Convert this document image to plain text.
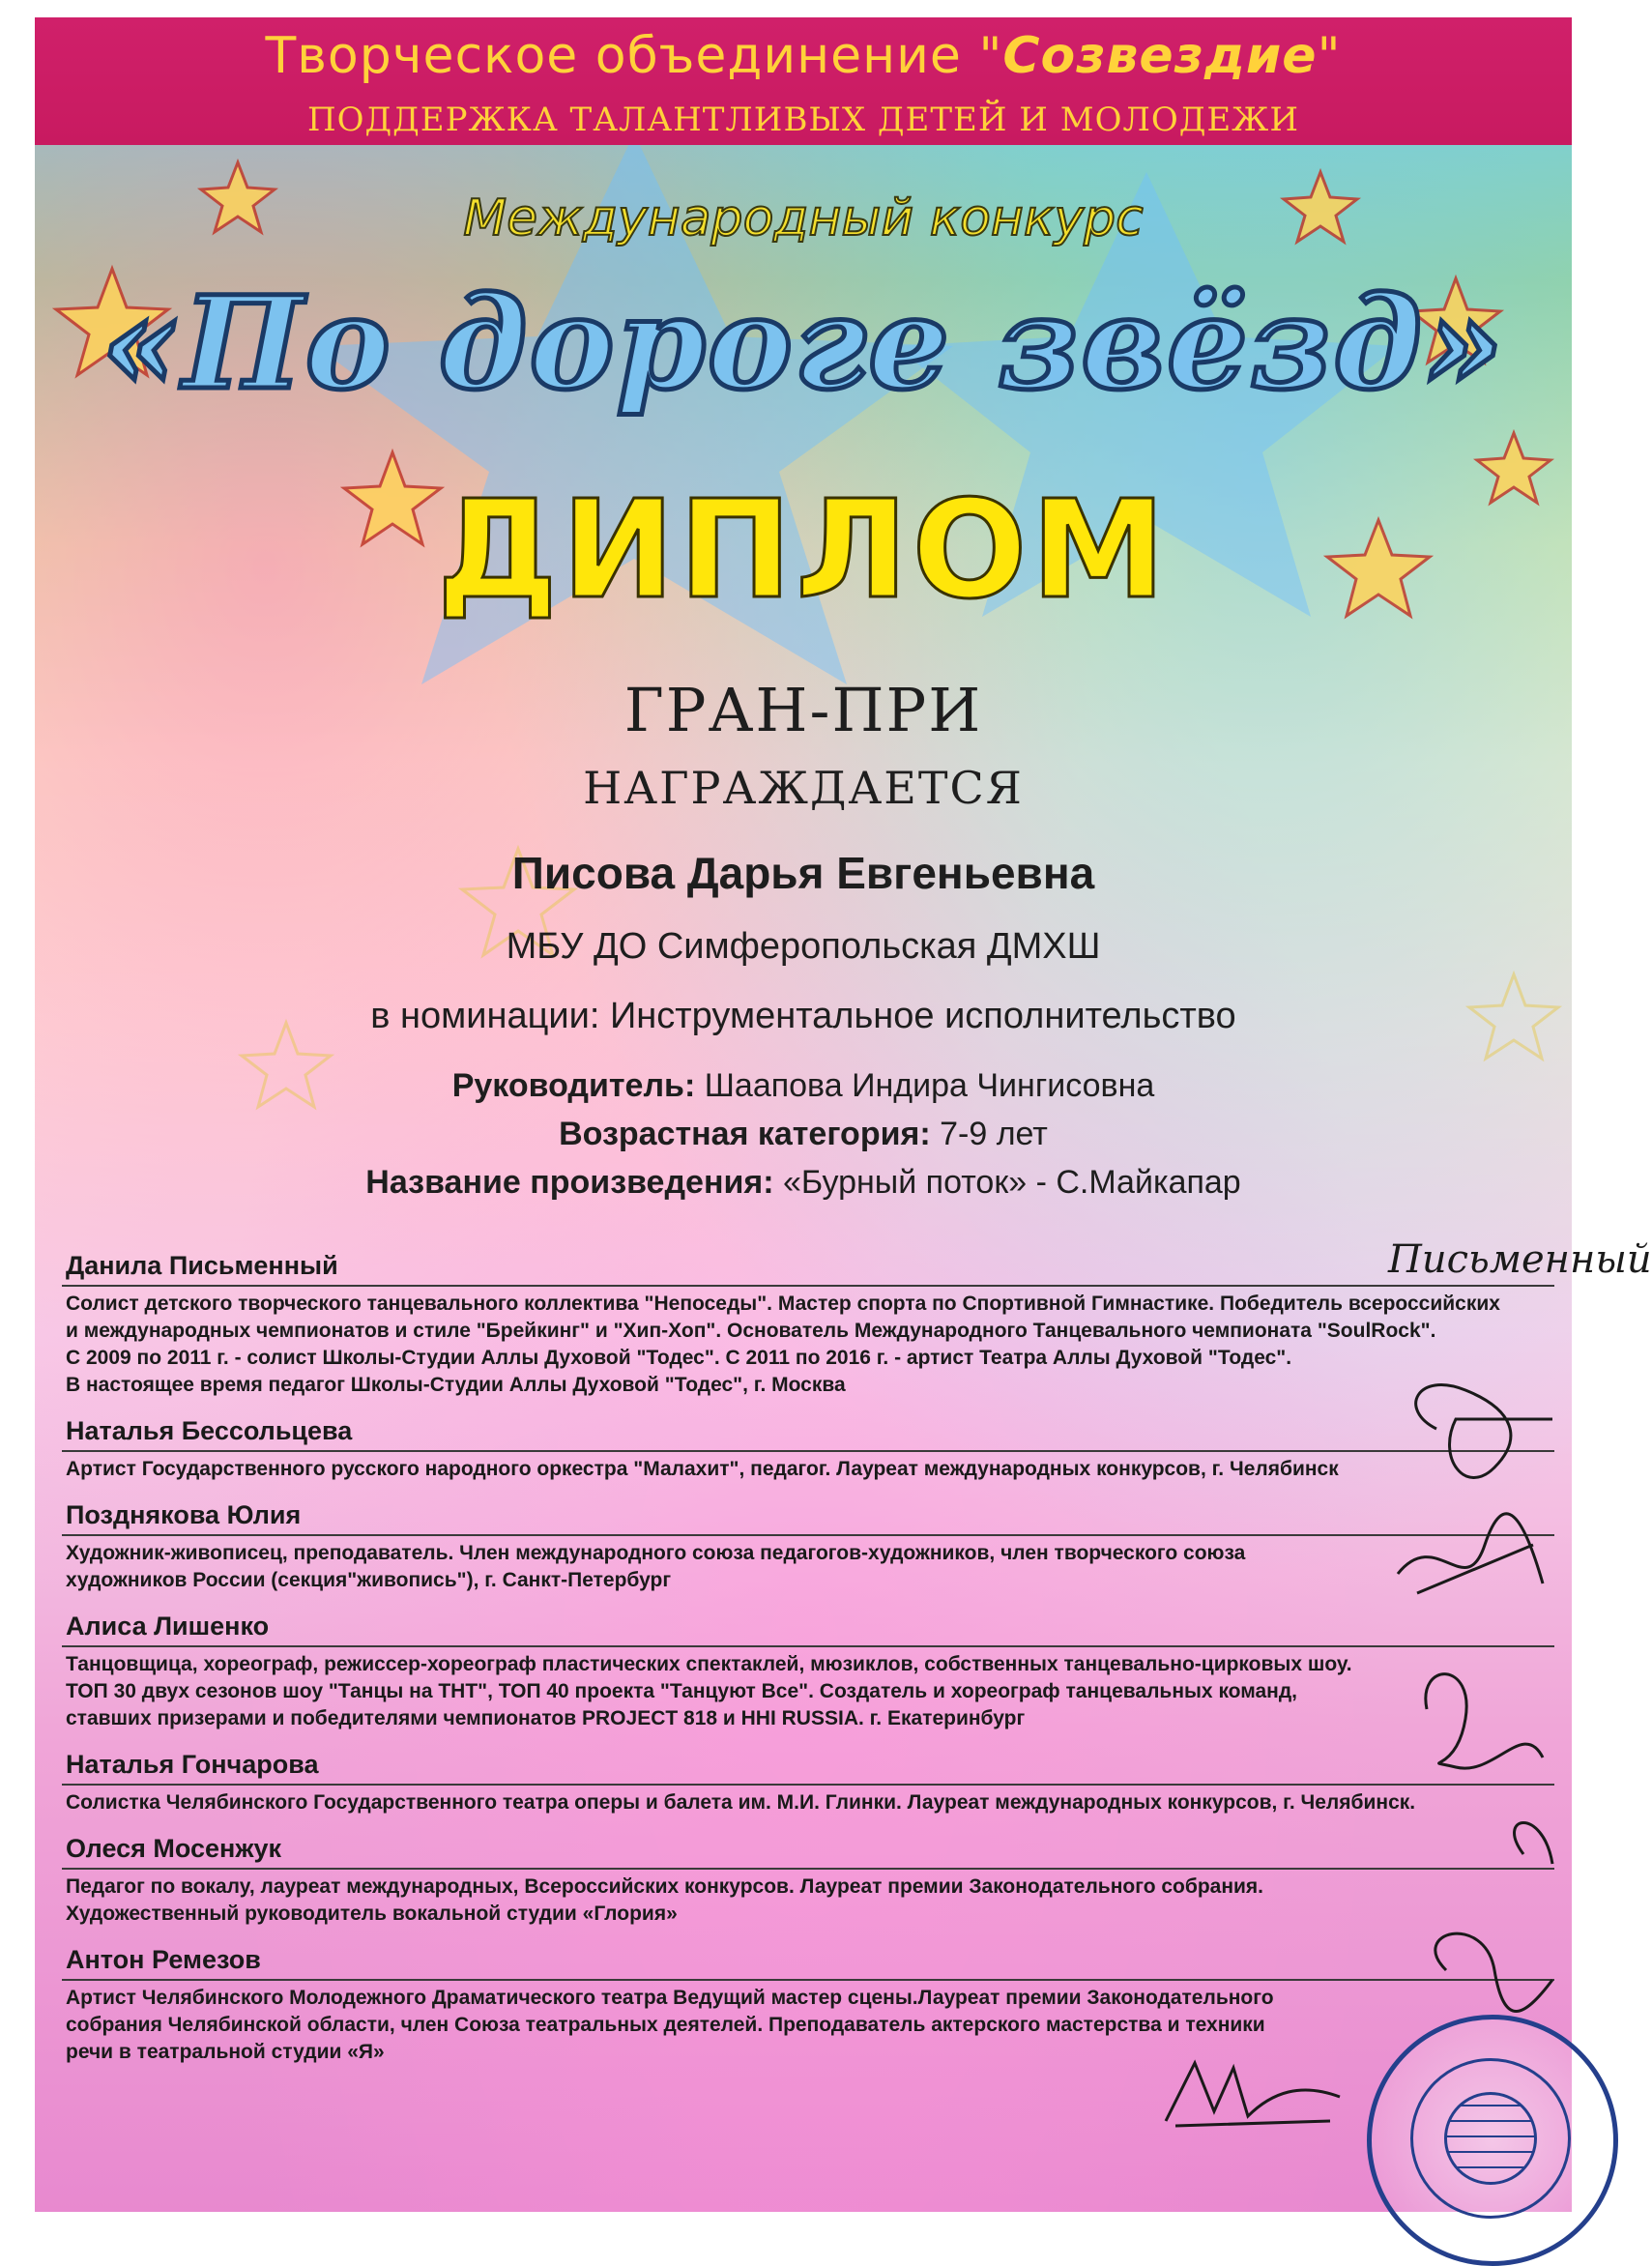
Творческое объединение "Созвездие"
ПОДДЕРЖКА ТАЛАНТЛИВЫХ ДЕТЕЙ И МОЛОДЕЖИ
Международный конкурс
«По дороге звёзд»
ДИПЛОМ
ГРАН-ПРИ
НАГРАЖДАЕТСЯ
Писова Дарья Евгеньевна
МБУ ДО Симферопольская ДМХШ
в номинации: Инструментальное исполнительство
Руководитель: Шаапова Индира Чингисовна
Возрастная категория: 7-9 лет
Название произведения: «Бурный поток» - С.Майкапар
Данила Письменный
Солист детского творческого танцевального коллектива "Непоседы". Мастер спорта по Спортивной Гимнастике. Победитель всероссийских
и международных чемпионатов и стиле "Брейкинг" и "Хип-Хоп". Основатель Международного Танцевального чемпионата "SoulRock".
С 2009 по 2011 г. - солист Школы-Студии Аллы Духовой "Тодес". С 2011 по 2016 г. - артист Театра Аллы Духовой "Тодес".
В настоящее время педагог Школы-Студии Аллы Духовой "Тодес", г. Москва
Наталья Бессольцева
Артист Государственного русского народного оркестра "Малахит", педагог. Лауреат международных конкурсов, г. Челябинск
Позднякова Юлия
Художник-живописец, преподаватель. Член международного союза педагогов-художников, член творческого союза
художников России (секция"живопись"), г. Санкт-Петербург
Алиса Лишенко
Танцовщица, хореограф, режиссер-хореограф пластических спектаклей, мюзиклов, собственных танцевально-цирковых шоу.
ТОП 30 двух сезонов шоу "Танцы на ТНТ", ТОП 40 проекта "Танцуют Все". Создатель и хореограф танцевальных команд,
ставших призерами и победителями чемпионатов PROJECT 818 и HHI RUSSIA. г. Екатеринбург
Наталья Гончарова
Солистка Челябинского Государственного театра оперы и балета им. М.И. Глинки. Лауреат международных конкурсов, г. Челябинск.
Олеся Мосенжук
Педагог по вокалу, лауреат международных, Всероссийских конкурсов. Лауреат премии Законодательного собрания.
Художественный руководитель вокальной студии «Глория»
Антон Ремезов
Артист Челябинского Молодежного Драматического театра Ведущий мастер сцены.Лауреат премии Законодательного
собрания Челябинской области, член Союза театральных деятелей. Преподаватель актерского мастерства и техники
речи в театральной студии «Я»
Письменный
